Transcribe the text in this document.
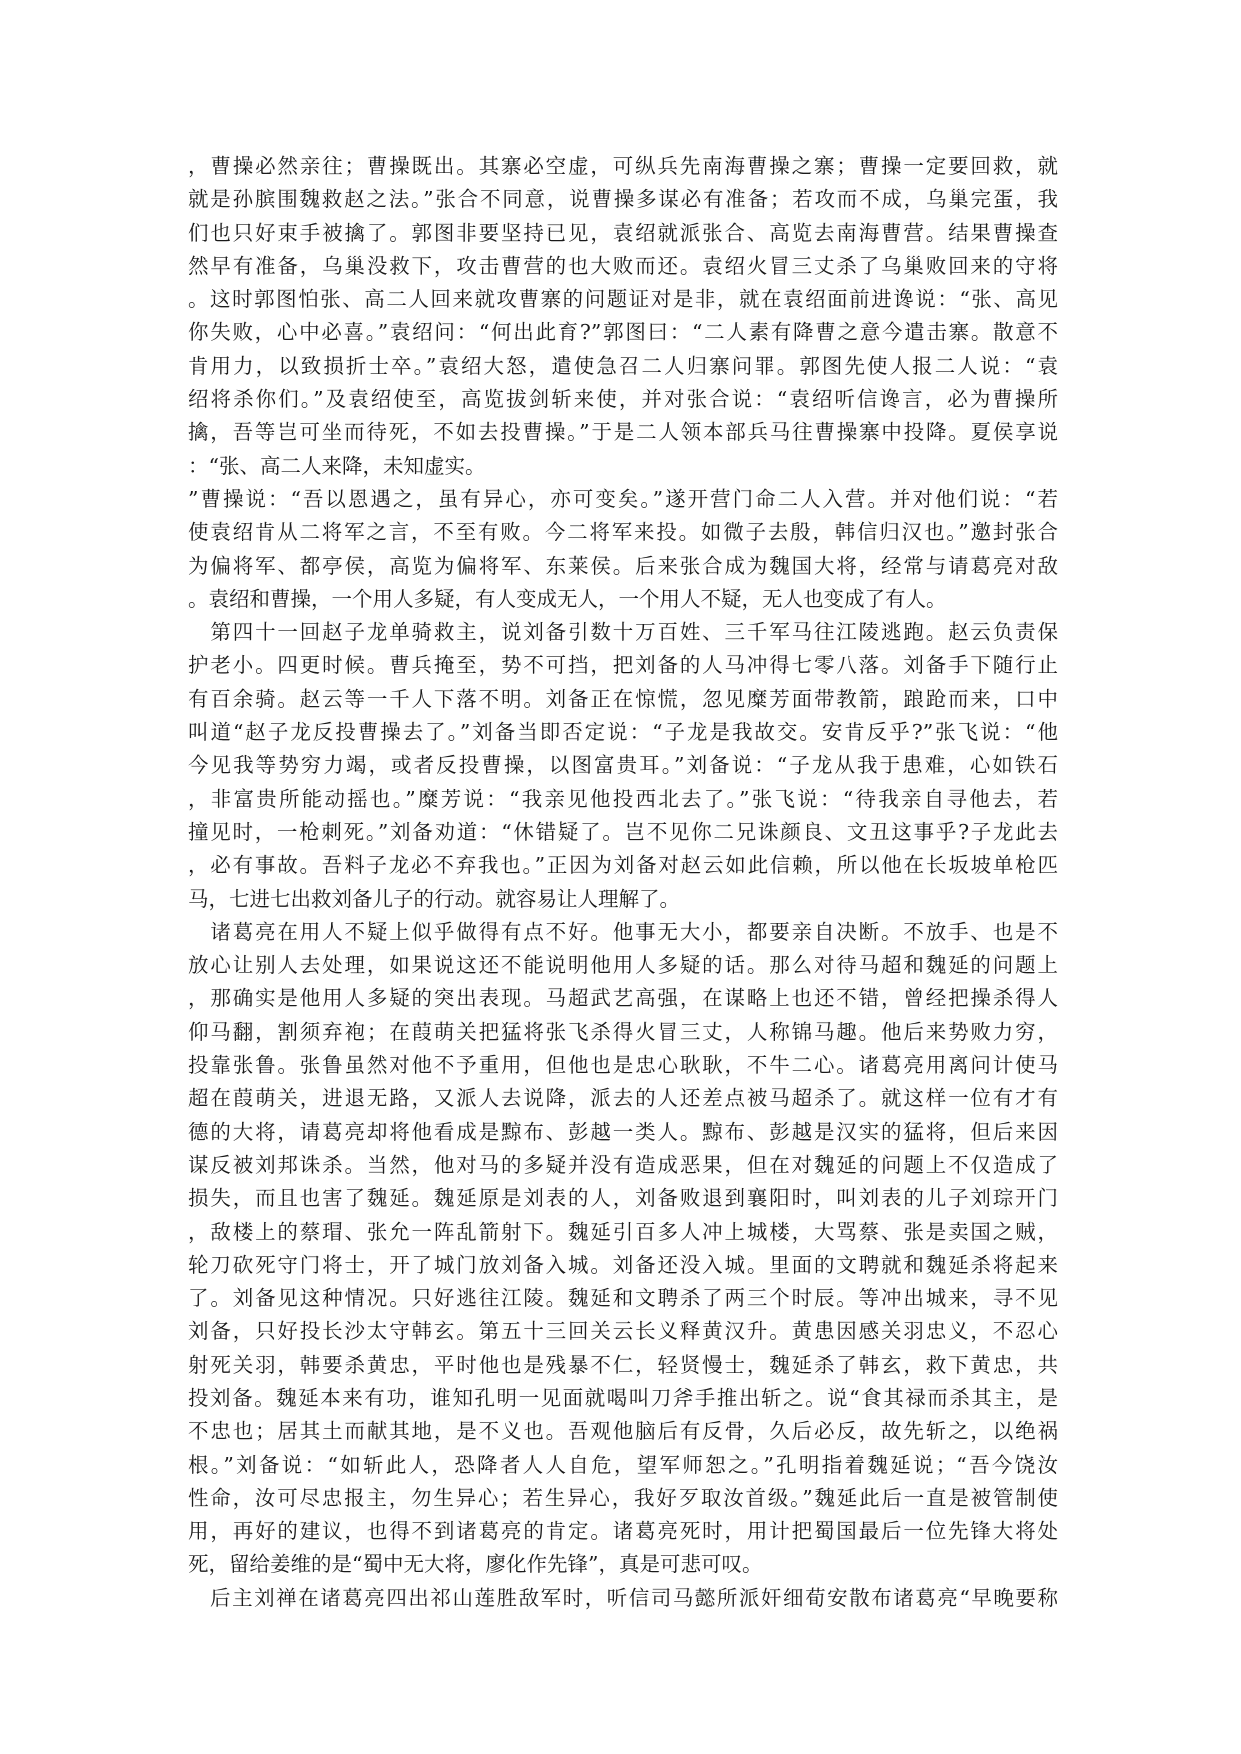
，曹操必然亲往；曹操既出。其寨必空虚，可纵兵先南海曹操之寨；曹操一定要回救，就
就是孙膑围魏救赵之法。”张合不同意，说曹操多谋必有准备；若攻而不成，乌巢完蛋，我
们也只好束手被擒了。郭图非要坚持已见，袁绍就派张合、高览去南海曹营。结果曹操查
然早有准备，乌巢没救下，攻击曹营的也大败而还。袁绍火冒三丈杀了乌巢败回来的守将
。这时郭图怕张、高二人回来就攻曹寨的问题证对是非，就在袁绍面前进谗说：“张、高见
你失败，心中必喜。”袁绍问：“何出此育?”郭图曰：“二人素有降曹之意今遣击寨。散意不
肯用力，以致损折士卒。”袁绍大怒，遣使急召二人归寨问罪。郭图先使人报二人说：“袁
绍将杀你们。”及袁绍使至，高览拔剑斩来使，并对张合说：“袁绍听信谗言，必为曹操所
擒，吾等岂可坐而待死，不如去投曹操。”于是二人领本部兵马往曹操寨中投降。夏侯享说
：“张、高二人来降，未知虚实。
”曹操说：“吾以恩遇之，虽有异心，亦可变矣。”遂开营门命二人入营。并对他们说：“若
使袁绍肯从二将军之言，不至有败。今二将军来投。如微子去殷，韩信归汉也。”邀封张合
为偏将军、都亭侯，高览为偏将军、东莱侯。后来张合成为魏国大将，经常与请葛亮对敌
。袁绍和曹操，一个用人多疑，有人变成无人，一个用人不疑，无人也变成了有人。
　第四十一回赵子龙单骑救主，说刘备引数十万百姓、三千军马往江陵逃跑。赵云负责保
护老小。四更时候。曹兵掩至，势不可挡，把刘备的人马冲得七零八落。刘备手下随行止
有百余骑。赵云等一千人下落不明。刘备正在惊慌，忽见糜芳面带教箭，踉跄而来，口中
叫道“赵子龙反投曹操去了。”刘备当即否定说：“子龙是我故交。安肯反乎?”张飞说：“他
今见我等势穷力竭，或者反投曹操，以图富贵耳。”刘备说：“子龙从我于患难，心如铁石
，非富贵所能动摇也。”糜芳说：“我亲见他投西北去了。”张飞说：“待我亲自寻他去，若
撞见时，一枪刺死。”刘备劝道：“休错疑了。岂不见你二兄诛颜良、文丑这事乎?子龙此去
，必有事故。吾料子龙必不弃我也。”正因为刘备对赵云如此信赖，所以他在长坂坡单枪匹
马，七进七出救刘备儿子的行动。就容易让人理解了。
　诸葛亮在用人不疑上似乎做得有点不好。他事无大小，都要亲自决断。不放手、也是不
放心让别人去处理，如果说这还不能说明他用人多疑的话。那么对待马超和魏延的问题上
，那确实是他用人多疑的突出表现。马超武艺高强，在谋略上也还不错，曾经把操杀得人
仰马翻，割须弃袍；在葭萌关把猛将张飞杀得火冒三丈，人称锦马趣。他后来势败力穷，
投靠张鲁。张鲁虽然对他不予重用，但他也是忠心耿耿，不牛二心。诸葛亮用离问计使马
超在葭萌关，进退无路，又派人去说降，派去的人还差点被马超杀了。就这样一位有才有
德的大将，请葛亮却将他看成是黥布、彭越一类人。黥布、彭越是汉实的猛将，但后来因
谋反被刘邦诛杀。当然，他对马的多疑并没有造成恶果，但在对魏延的问题上不仅造成了
损失，而且也害了魏延。魏延原是刘表的人，刘备败退到襄阳时，叫刘表的儿子刘琮开门
，敌楼上的蔡瑁、张允一阵乱箭射下。魏延引百多人冲上城楼，大骂蔡、张是卖国之贼，
轮刀砍死守门将士，开了城门放刘备入城。刘备还没入城。里面的文聘就和魏延杀将起来
了。刘备见这种情况。只好逃往江陵。魏延和文聘杀了两三个时辰。等冲出城来，寻不见
刘备，只好投长沙太守韩玄。第五十三回关云长义释黄汉升。黄患因感关羽忠义，不忍心
射死关羽，韩要杀黄忠，平时他也是残暴不仁，轻贤慢士，魏延杀了韩玄，救下黄忠，共
投刘备。魏延本来有功，谁知孔明一见面就喝叫刀斧手推出斩之。说“食其禄而杀其主，是
不忠也；居其土而献其地，是不义也。吾观他脑后有反骨，久后必反，故先斩之，以绝祸
根。”刘备说：“如斩此人，恐降者人人自危，望军师恕之。”孔明指着魏延说；“吾今饶汝
性命，汝可尽忠报主，勿生异心；若生异心，我好歹取汝首级。”魏延此后一直是被管制使
用，再好的建议，也得不到诸葛亮的肯定。诸葛亮死时，用计把蜀国最后一位先锋大将处
死，留给姜维的是“蜀中无大将，廖化作先锋”，真是可悲可叹。
　后主刘禅在诸葛亮四出祁山莲胜敌军时，听信司马懿所派奸细荀安散布诸葛亮“早晚要称
